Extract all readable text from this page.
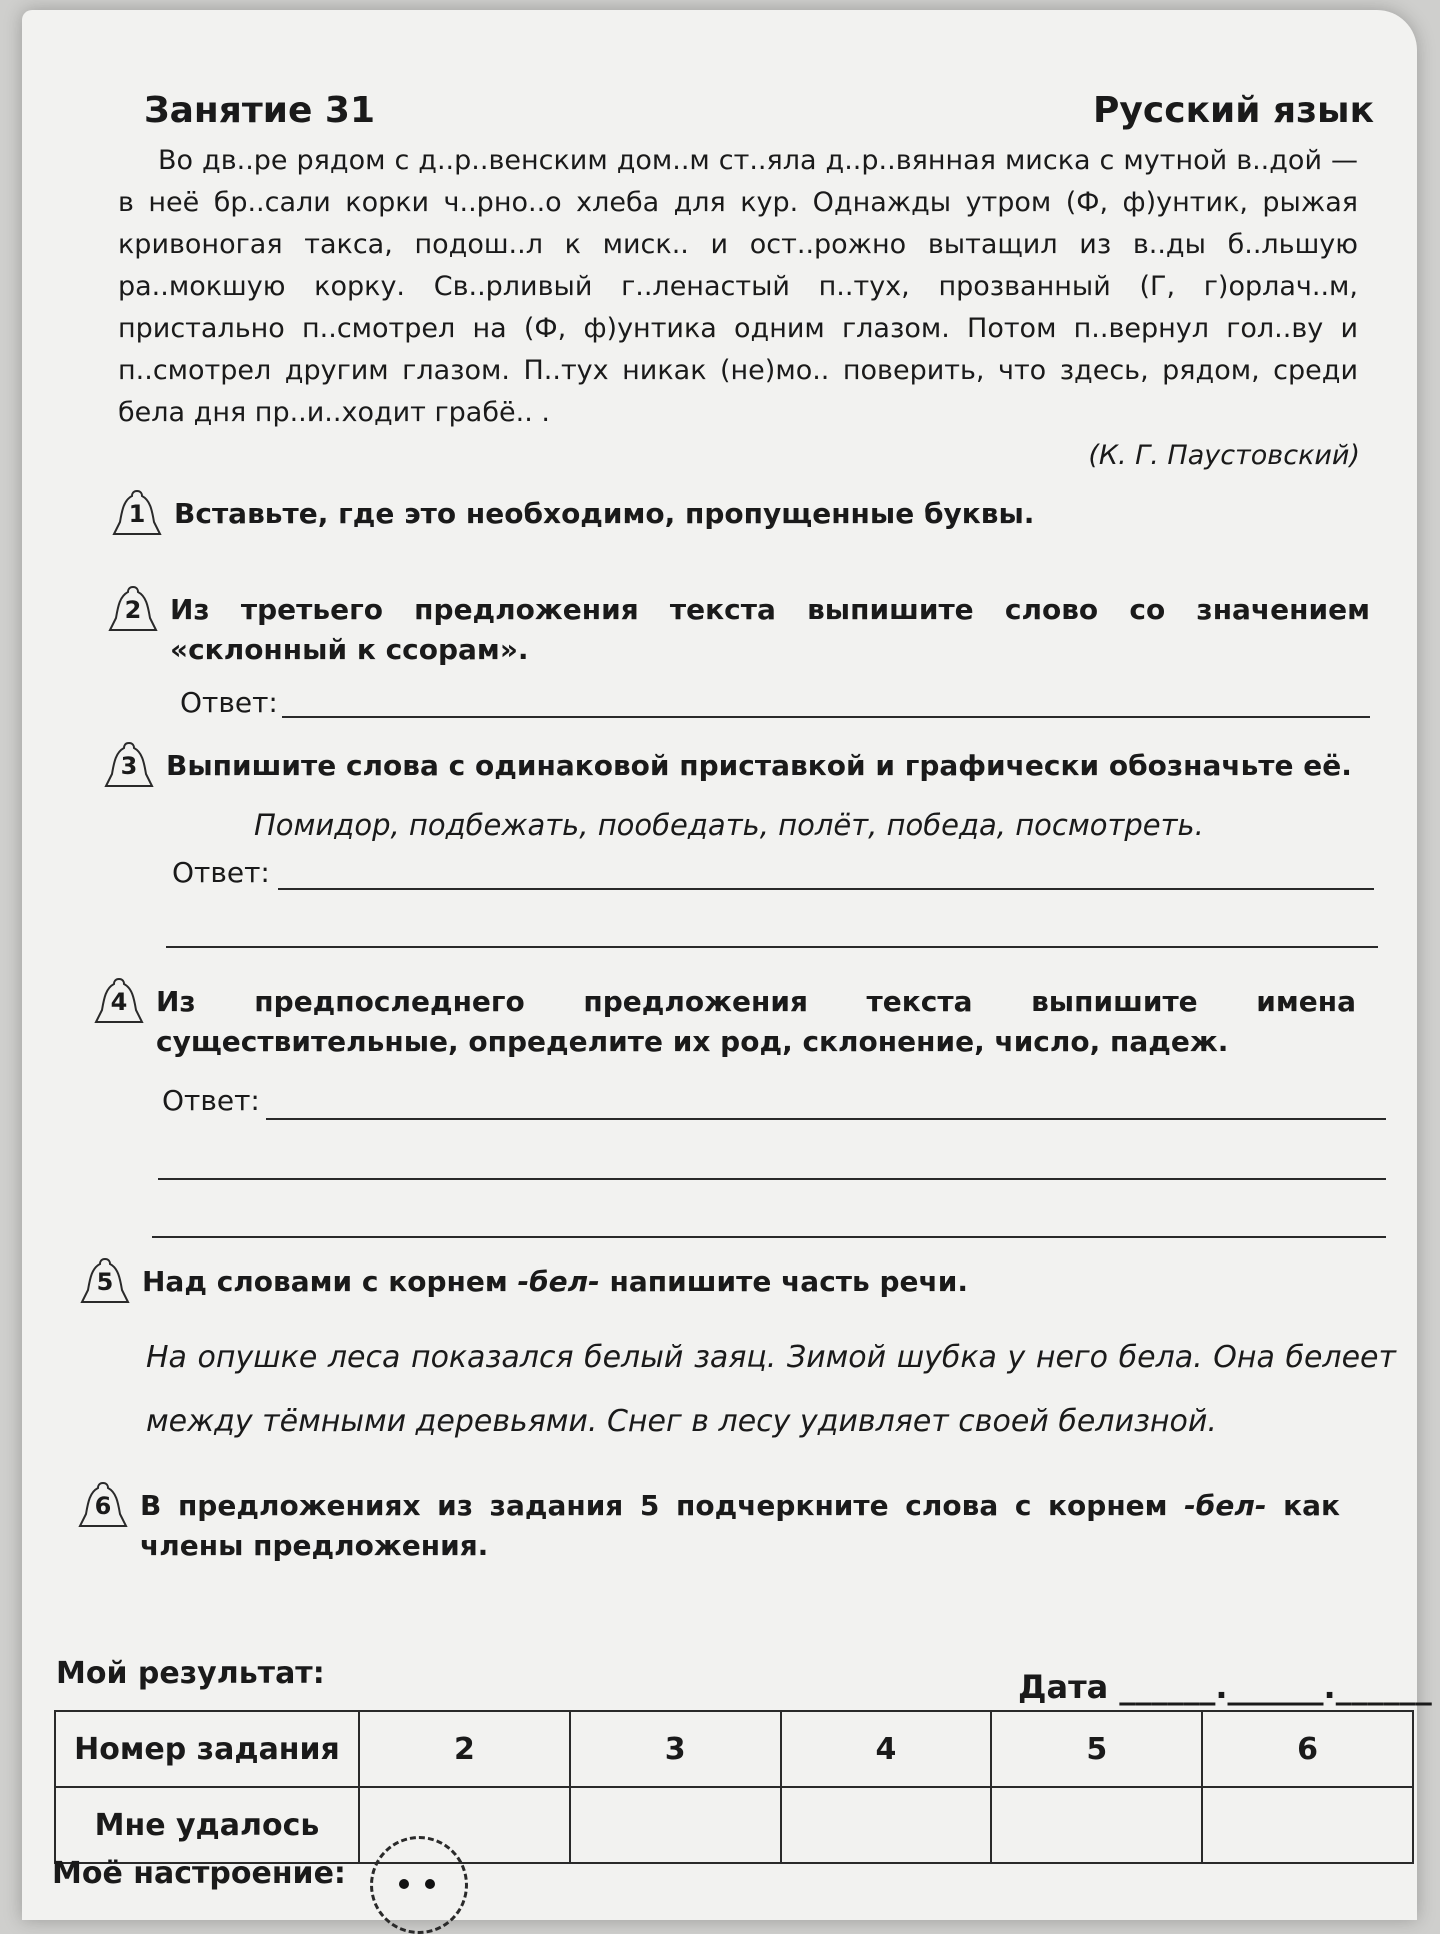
Занятие 31	Русский язык

Во дв..ре рядом с д..р..венским дом..м ст..яла д..р..вянная миска с мутной в..дой — в неё бр..сали корки ч..рно..о хлеба для кур. Однажды утром (Ф, ф)унтик, рыжая кривоногая такса, подош..л к миск.. и ост..рожно вытащил из в..ды б..льшую ра..мокшую корку. Св..рливый г..ленастый п..тух, прозванный (Г, г)орлач..м, пристально п..смотрел на (Ф, ф)унтика одним глазом. Потом п..вернул гол..ву и п..смотрел другим глазом. П..тух никак (не)мо.. поверить, что здесь, рядом, среди бела дня пр..и..ходит грабё.. .

(К. Г. Паустовский)
1	Вставьте, где это необходимо, пропущенные буквы.
2	Из третьего предложения текста выпишите слово со значением «склонный к ссорам».
Ответ:
3	Выпишите слова с одинаковой приставкой и графически обозначьте её.
Помидор, подбежать, пообедать, полёт, победа, посмотреть.
Ответ:
4	Из предпоследнего предложения текста выпишите имена существительные, определите их род, склонение, число, падеж.
Ответ:
5	Над словами с корнем -бел- напишите часть речи.
На опушке леса показался белый заяц. Зимой шубка у него бела. Она белеет между тёмными деревьями. Снег в лесу удивляет своей белизной.
6	В предложениях из задания 5 подчеркните слова с корнем -бел- как члены предложения.
Мой результат:	Дата ______.______.______
Номер задания	2	3	4	5	6
Мне удалось					
Моё настроение:
